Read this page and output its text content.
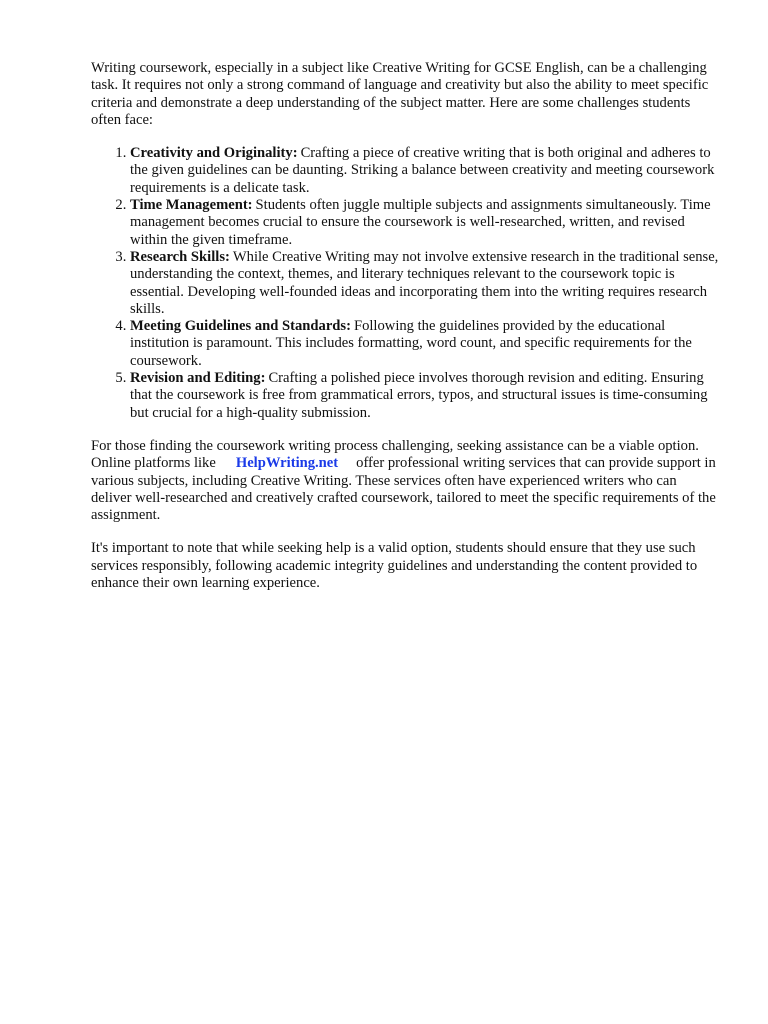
Writing coursework, especially in a subject like Creative Writing for GCSE English, can be a challenging task. It requires not only a strong command of language and creativity but also the ability to meet specific criteria and demonstrate a deep understanding of the subject matter. Here are some challenges students often face:

1. Creativity and Originality: Crafting a piece of creative writing that is both original and adheres to the given guidelines can be daunting. Striking a balance between creativity and meeting coursework requirements is a delicate task.
2. Time Management: Students often juggle multiple subjects and assignments simultaneously. Time management becomes crucial to ensure the coursework is well-researched, written, and revised within the given timeframe.
3. Research Skills: While Creative Writing may not involve extensive research in the traditional sense, understanding the context, themes, and literary techniques relevant to the coursework topic is essential. Developing well-founded ideas and incorporating them into the writing requires research skills.
4. Meeting Guidelines and Standards: Following the guidelines provided by the educational institution is paramount. This includes formatting, word count, and specific requirements for the coursework.
5. Revision and Editing: Crafting a polished piece involves thorough revision and editing. Ensuring that the coursework is free from grammatical errors, typos, and structural issues is time-consuming but crucial for a high-quality submission.

For those finding the coursework writing process challenging, seeking assistance can be a viable option. Online platforms like HelpWriting.net offer professional writing services that can provide support in various subjects, including Creative Writing. These services often have experienced writers who can deliver well-researched and creatively crafted coursework, tailored to meet the specific requirements of the assignment.

It's important to note that while seeking help is a valid option, students should ensure that they use such services responsibly, following academic integrity guidelines and understanding the content provided to enhance their own learning experience.
